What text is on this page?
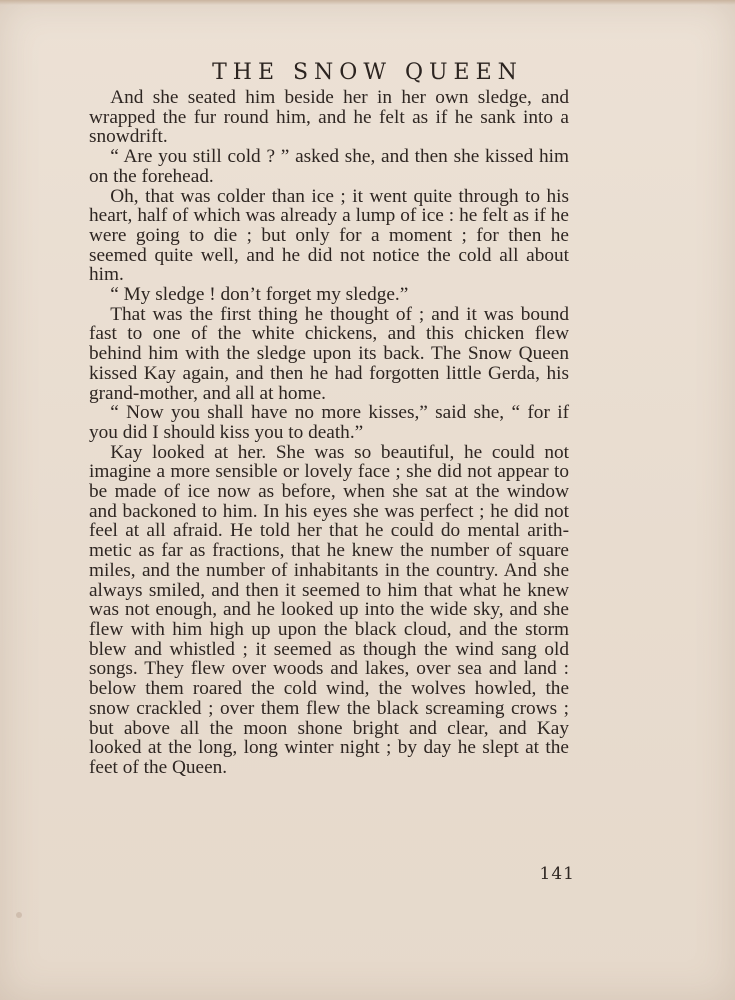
THE SNOW QUEEN

And she seated him beside her in her own sledge, and wrapped the fur round him, and he felt as if he sank into a snowdrift.

“ Are you still cold ? ” asked she, and then she kissed him on the forehead.

Oh, that was colder than ice ; it went quite through to his heart, half of which was already a lump of ice : he felt as if he were going to die ; but only for a moment ; for then he seemed quite well, and he did not notice the cold all about him.

“ My sledge ! don’t forget my sledge.”

That was the first thing he thought of ; and it was bound fast to one of the white chickens, and this chicken flew behind him with the sledge upon its back. The Snow Queen kissed Kay again, and then he had forgotten little Gerda, his grand-mother, and all at home.

“ Now you shall have no more kisses,” said she, “ for if you did I should kiss you to death.”

Kay looked at her. She was so beautiful, he could not imagine a more sensible or lovely face ; she did not appear to be made of ice now as before, when she sat at the window and backoned to him. In his eyes she was perfect ; he did not feel at all afraid. He told her that he could do mental arith-metic as far as fractions, that he knew the number of square miles, and the number of inhabitants in the country. And she always smiled, and then it seemed to him that what he knew was not enough, and he looked up into the wide sky, and she flew with him high up upon the black cloud, and the storm blew and whistled ; it seemed as though the wind sang old songs. They flew over woods and lakes, over sea and land : below them roared the cold wind, the wolves howled, the snow crackled ; over them flew the black screaming crows ; but above all the moon shone bright and clear, and Kay looked at the long, long winter night ; by day he slept at the feet of the Queen.

141
